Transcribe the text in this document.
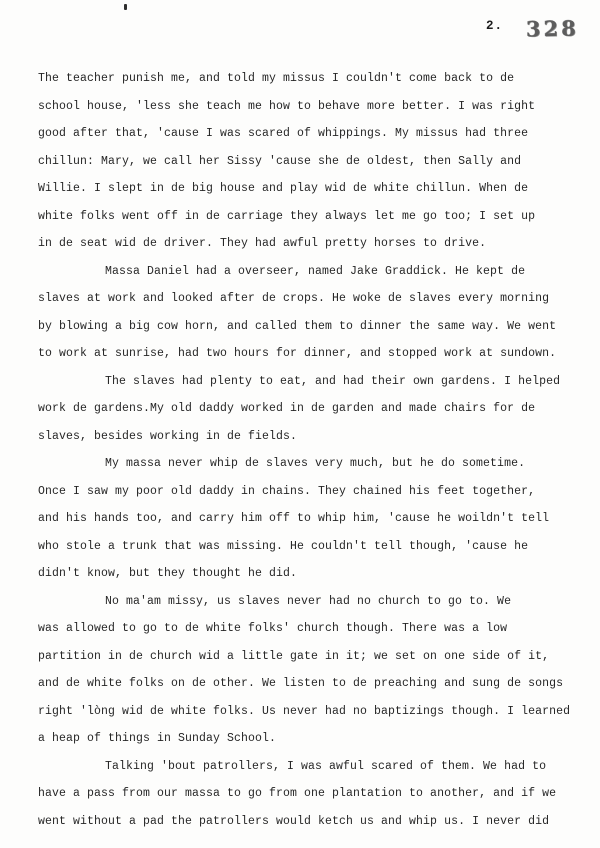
2. 328
The teacher punish me, and told my missus I couldn't come back to de
school house, 'less she teach me how to behave more better. I was right
good after that, 'cause I was scared of whippings. My missus had three
chillun: Mary, we call her Sissy 'cause she de oldest, then Sally and
Willie. I slept in de big house and play wid de white chillun. When de
white folks went off in de carriage they always let me go too; I set up
in de seat wid de driver. They had awful pretty horses to drive.
Massa Daniel had a overseer, named Jake Graddick. He kept de
slaves at work and looked after de crops. He woke de slaves every morning
by blowing a big cow horn, and called them to dinner the same way. We went
to work at sunrise, had two hours for dinner, and stopped work at sundown.
The slaves had plenty to eat, and had their own gardens. I helped
work de gardens.My old daddy worked in de garden and made chairs for de
slaves, besides working in de fields.
My massa never whip de slaves very much, but he do sometime.
Once I saw my poor old daddy in chains. They chained his feet together,
and his hands too, and carry him off to whip him, 'cause he woildn't tell
who stole a trunk that was missing. He couldn't tell though, 'cause he
didn't know, but they thought he did.
No ma'am missy, us slaves never had no church to go to. We
was allowed to go to de white folks' church though. There was a low
partition in de church wid a little gate in it; we set on one side of it,
and de white folks on de other. We listen to de preaching and sung de songs
right 'lòng wid de white folks. Us never had no baptizings though. I learned
a heap of things in Sunday School.
Talking 'bout patrollers, I was awful scared of them. We had to
have a pass from our massa to go from one plantation to another, and if we
went without a pad the patrollers would ketch us and whip us. I never did
